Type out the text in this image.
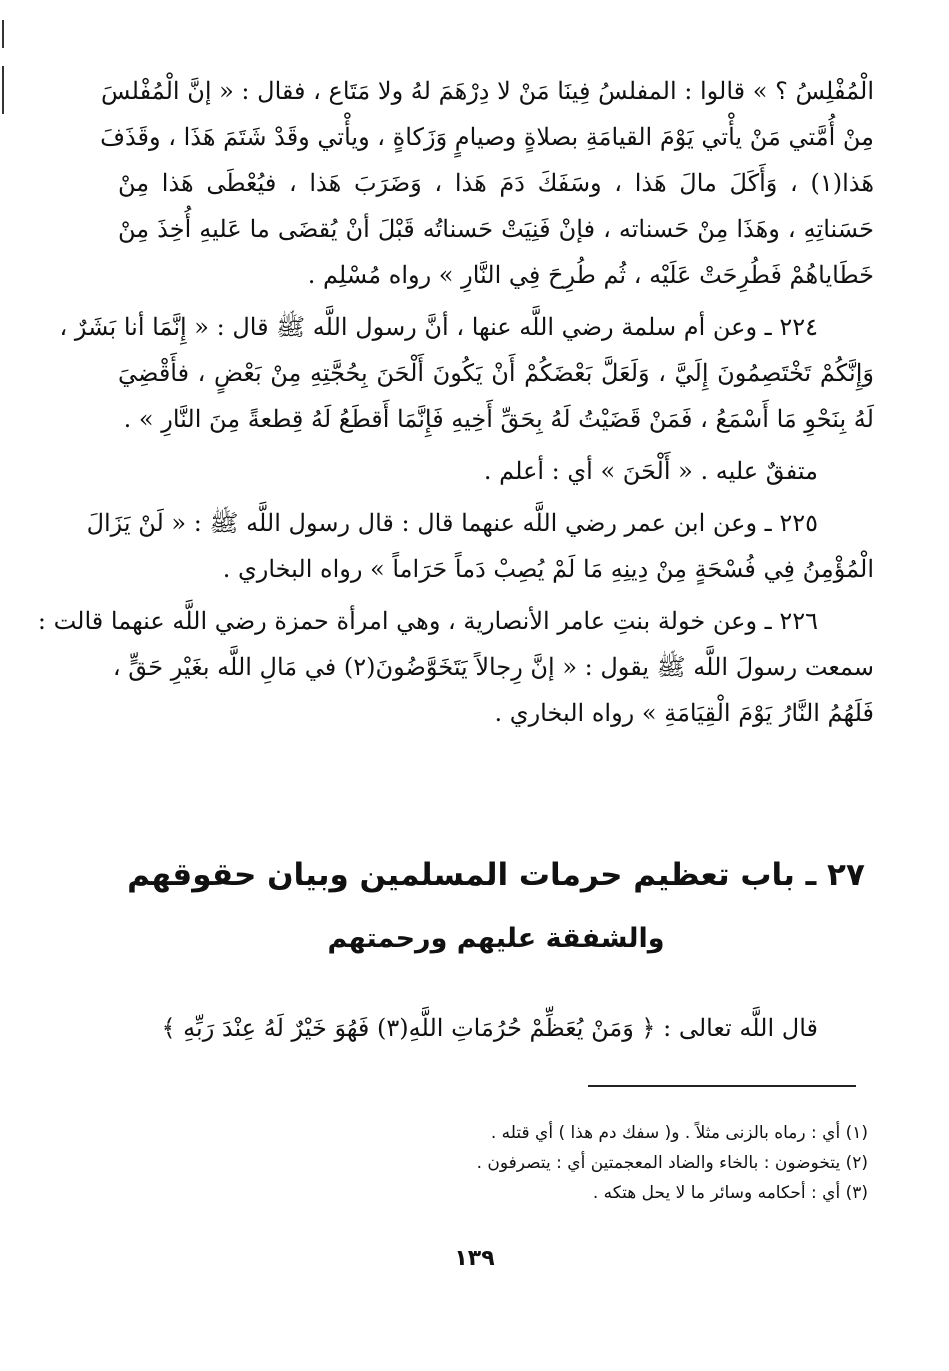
الْمُفْلِسُ ؟ » قالوا : المفلسُ فِينَا مَنْ لا دِرْهَمَ لهُ ولا مَتَاع ، فقال : « إنَّ الْمُفْلسَ
مِنْ أُمَّتي مَنْ يأْتي يَوْمَ القيامَةِ بصلاةٍ وصيامٍ وَزَكاةٍ ، ويأْتي وقَدْ شَتَمَ هَذَا ، وقَذَفَ
هَذا(١) ، وَأَكَلَ مالَ هَذا ، وسَفَكَ دَمَ هَذا ، وَضَرَبَ هَذا ، فيُعْطَى هَذا مِنْ
حَسَناتِهِ ، وهَذَا مِنْ حَسناته ، فإنْ فَنِيَتْ حَسناتُه قَبْلَ أنْ يُقضَى ما عَليهِ أُخِذَ مِنْ
خَطَاياهُمْ فَطُرِحَتْ عَلَيْه ، ثُم طُرِحَ فِي النَّارِ » رواه مُسْلِم .

٢٢٤ ـ وعن أم سلمة رضي اللَّه عنها ، أنَّ رسول اللَّه ﷺ قال : « إِنَّمَا أنا بَشَرٌ ،
وَإِنَّكُمْ تَخْتَصِمُونَ إِلَيَّ ، وَلَعَلَّ بَعْضَكُمْ أَنْ يَكُونَ أَلْحَنَ بِحُجَّتِهِ مِنْ بَعْضٍ ، فأَقْضِيَ
لَهُ بِنَحْوِ مَا أَسْمَعُ ، فَمَنْ قَضَيْتُ لَهُ بِحَقِّ أَخِيهِ فَإِنَّمَا أَقطَعُ لَهُ قِطعةً مِنَ النَّارِ » .

متفقٌ عليه . « أَلْحَنَ » أي : أعلم .

٢٢٥ ـ وعن ابن عمر رضي اللَّه عنهما قال : قال رسول اللَّه ﷺ : « لَنْ يَزَالَ
الْمُؤْمِنُ فِي فُسْحَةٍ مِنْ دِينِهِ مَا لَمْ يُصِبْ دَماً حَرَاماً » رواه البخاري .

٢٢٦ ـ وعن خولة بنتِ عامر الأنصارية ، وهي امرأة حمزة رضي اللَّه عنهما قالت :
سمعت رسولَ اللَّه ﷺ يقول : « إنَّ رِجالاً يَتَخَوَّضُونَ(٢) في مَالِ اللَّه بغَيْرِ حَقٍّ ،
فَلَهُمُ النَّارُ يَوْمَ الْقِيَامَةِ » رواه البخاري .

٢٧ ـ باب تعظيم حرمات المسلمين وبيان حقوقهم
والشفقة عليهم ورحمتهم
قال اللَّه تعالى : ﴿ وَمَنْ يُعَظِّمْ حُرُمَاتِ اللَّهِ(٣) فَهُوَ خَيْرٌ لَهُ عِنْدَ رَبِّهِ ﴾
(١) أي : رماه بالزنى مثلاً . و( سفك دم هذا ) أي قتله .
(٢) يتخوضون : بالخاء والضاد المعجمتين أي : يتصرفون .
(٣) أي : أحكامه وسائر ما لا يحل هتكه .
١٣٩
